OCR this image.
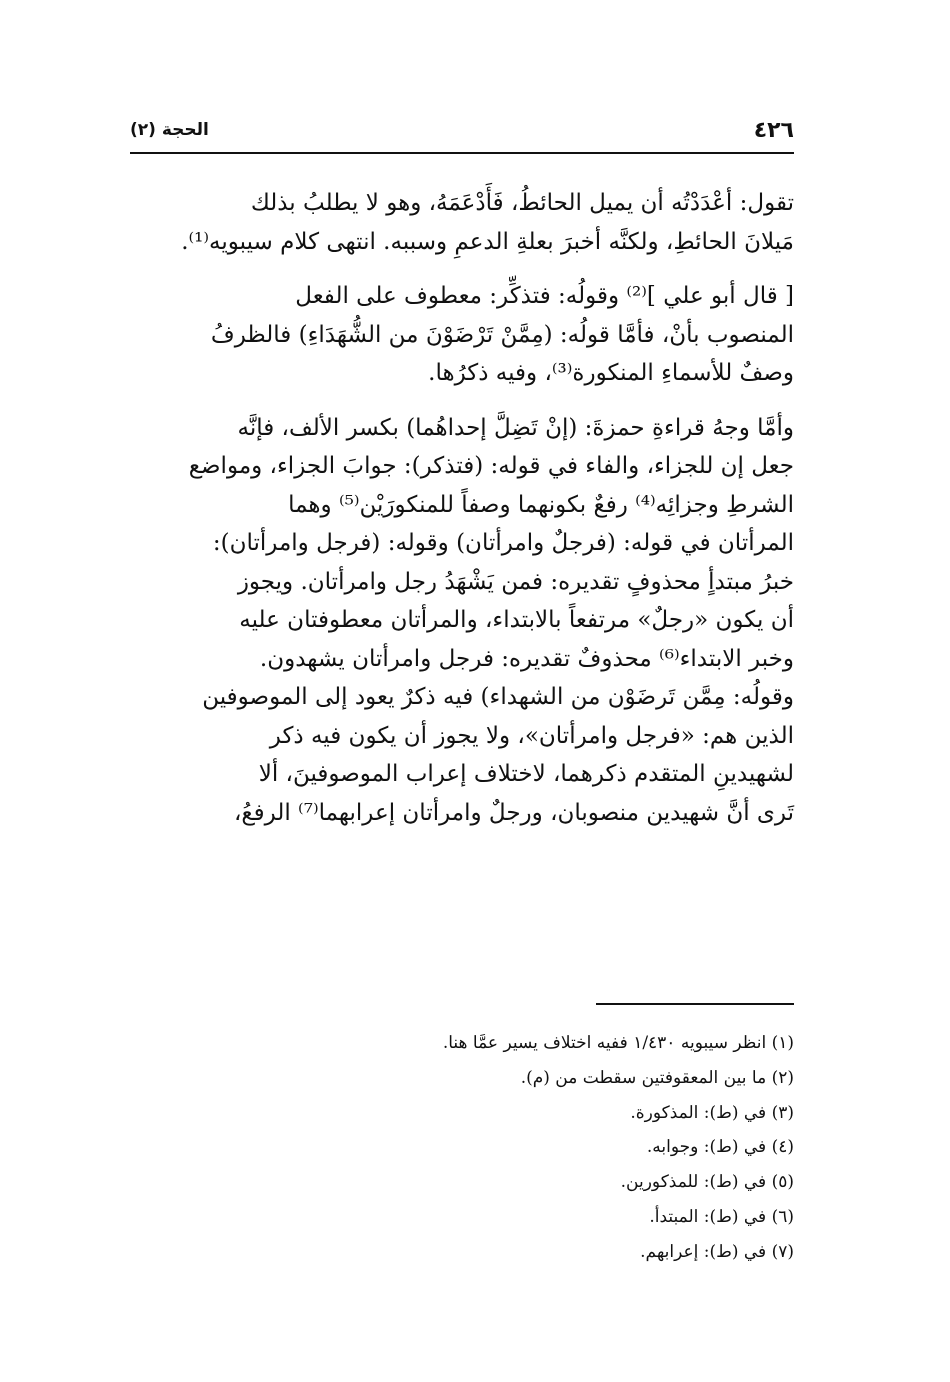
٤٢٦
الحجة (٢)
تقول: أعْدَدْتُه أن يميل الحائطُ، فَأَدْعَمَهُ، وهو لا يطلبُ بذلك
مَيلانَ الحائطِ، ولكنَّه أخبرَ بعلةِ الدعمِ وسببه. انتهى كلام سيبويه⁽¹⁾.
[ قال أبو علي ]⁽²⁾ وقولُه: فتذكِّر: معطوف على الفعل
المنصوب بأنْ، فأمَّا قولُه: (مِمَّنْ تَرْضَوْنَ من الشُّهَدَاءِ) فالظرفُ
وصفٌ للأسماءِ المنكورة⁽³⁾، وفيه ذكرُها.
وأمَّا وجهُ قراءةِ حمزةَ: (إنْ تَضِلَّ إحداهُما) بكسر الألف، فإنَّه
جعل إن للجزاء، والفاء في قوله: (فتذكر): جوابَ الجزاء، ومواضع
الشرطِ وجزائِه⁽⁴⁾ رفعٌ بكونهما وصفاً للمنكورَيْن⁽⁵⁾ وهما
المرأتان في قوله: (فرجلٌ وامرأتان) وقوله: (فرجل وامرأتان):
خبرُ مبتدأٍ محذوفٍ تقديره: فمن يَشْهَدُ رجل وامرأتان. ويجوز
أن يكون «رجلٌ» مرتفعاً بالابتداء، والمرأتان معطوفتان عليه
وخبر الابتداء⁽⁶⁾ محذوفٌ تقديره: فرجل وامرأتان يشهدون.
وقولُه: مِمَّن تَرضَوْن من الشهداء) فيه ذكرٌ يعود إلى الموصوفين
الذين هم: «فرجل وامرأتان»، ولا يجوز أن يكون فيه ذكر
لشهيدينِ المتقدم ذكرهما، لاختلاف إعراب الموصوفينَ، ألا
تَرى أنَّ شهيدين منصوبان، ورجلٌ وامرأتان إعرابهما⁽⁷⁾ الرفعُ،
(١) انظر سيبويه ١/٤٣٠ ففيه اختلاف يسير عمَّا هنا.
(٢) ما بين المعقوفتين سقطت من (م).
(٣) في (ط): المذكورة.
(٤) في (ط): وجوابه.
(٥) في (ط): للمذكورين.
(٦) في (ط): المبتدأ.
(٧) في (ط): إعرابهم.
